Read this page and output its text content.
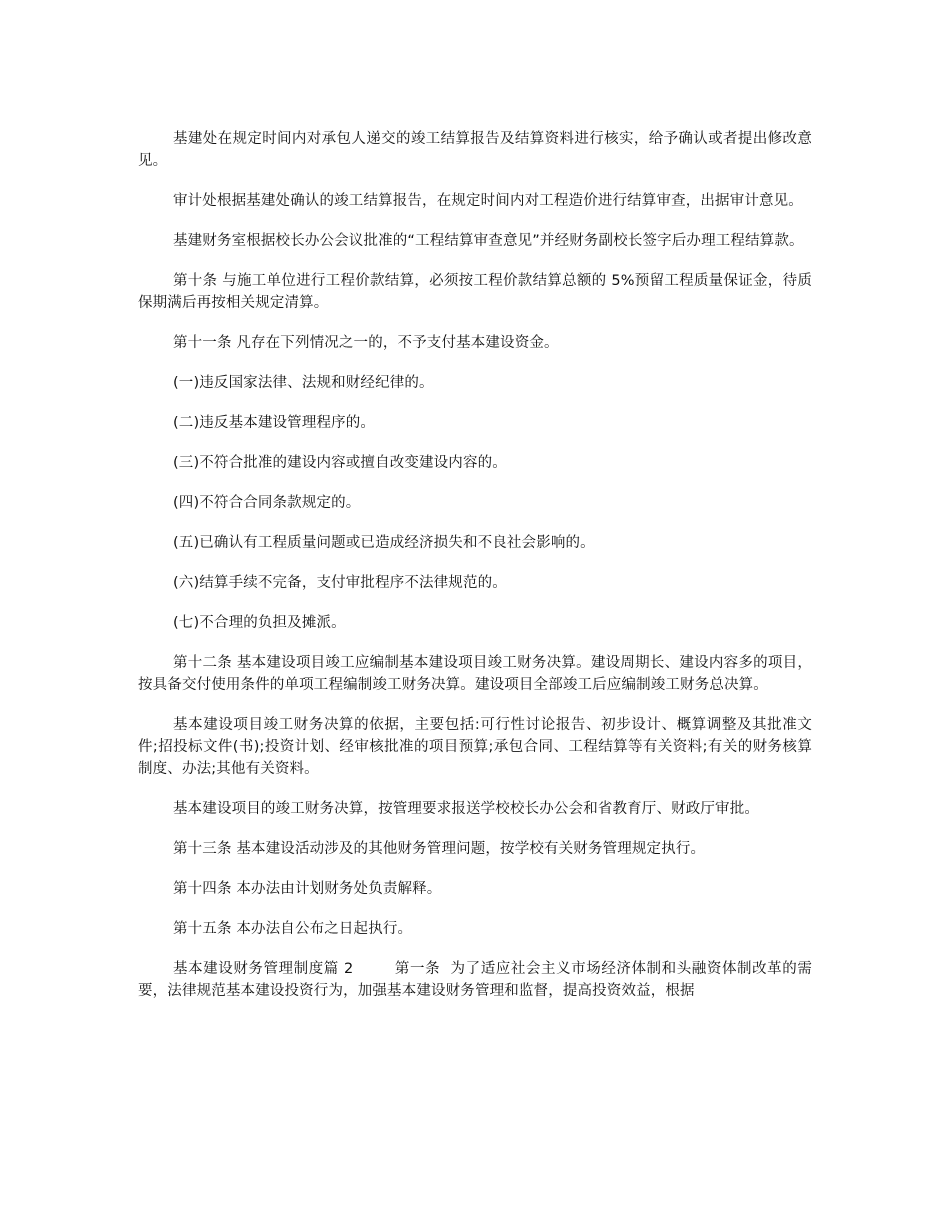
基建处在规定时间内对承包人递交的竣工结算报告及结算资料进行核实，给予确认或者提出修改意见。

审计处根据基建处确认的竣工结算报告，在规定时间内对工程造价进行结算审查，出据审计意见。

基建财务室根据校长办公会议批准的“工程结算审查意见”并经财务副校长签字后办理工程结算款。

第十条 与施工单位进行工程价款结算，必须按工程价款结算总额的 5%预留工程质量保证金，待质保期满后再按相关规定清算。

第十一条 凡存在下列情况之一的，不予支付基本建设资金。

(一)违反国家法律、法规和财经纪律的。

(二)违反基本建设管理程序的。

(三)不符合批准的建设内容或擅自改变建设内容的。

(四)不符合合同条款规定的。

(五)已确认有工程质量问题或已造成经济损失和不良社会影响的。

(六)结算手续不完备，支付审批程序不法律规范的。

(七)不合理的负担及摊派。

第十二条 基本建设项目竣工应编制基本建设项目竣工财务决算。建设周期长、建设内容多的项目，按具备交付使用条件的单项工程编制竣工财务决算。建设项目全部竣工后应编制竣工财务总决算。

基本建设项目竣工财务决算的依据，主要包括:可行性讨论报告、初步设计、概算调整及其批准文件;招投标文件(书);投资计划、经审核批准的项目预算;承包合同、工程结算等有关资料;有关的财务核算制度、办法;其他有关资料。

基本建设项目的竣工财务决算，按管理要求报送学校校长办公会和省教育厅、财政厅审批。

第十三条 基本建设活动涉及的其他财务管理问题，按学校有关财务管理规定执行。

第十四条 本办法由计划财务处负责解释。

第十五条 本办法自公布之日起执行。

基本建设财务管理制度篇 2        第一条  为了适应社会主义市场经济体制和头融资体制改革的需要，法律规范基本建设投资行为，加强基本建设财务管理和监督，提高投资效益，根据
